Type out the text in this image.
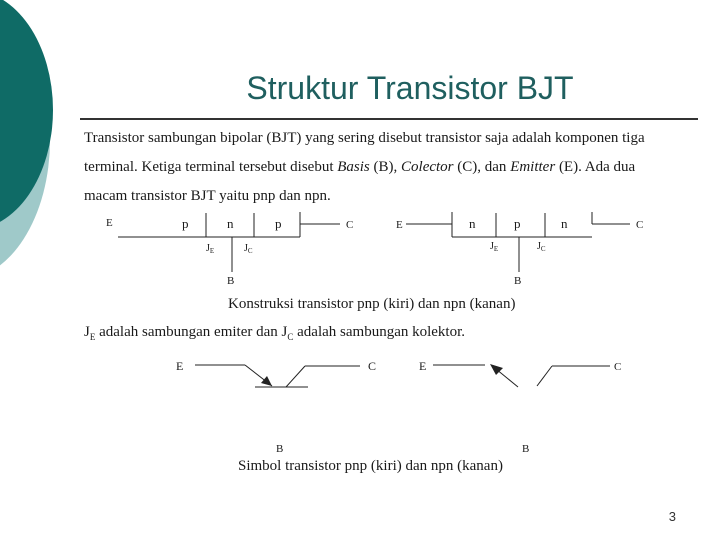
Struktur Transistor BJT

Transistor sambungan bipolar (BJT) yang sering disebut transistor saja adalah komponen tiga

terminal. Ketiga terminal tersebut disebut Basis (B), Colector (C), dan Emitter (E). Ada dua

macam transistor BJT yaitu pnp dan npn.

E	p	n	p	C
$J_E$	$J_C$
B
E	n	p	n	C
$J_E$	$J_C$
B
E	C
B
E	C
B
Konstruksi transistor pnp (kiri) dan npn (kanan)
$J_E$ adalah sambungan emiter dan $J_C$ adalah sambungan kolektor.
Simbol transistor pnp (kiri) dan npn (kanan)
3
